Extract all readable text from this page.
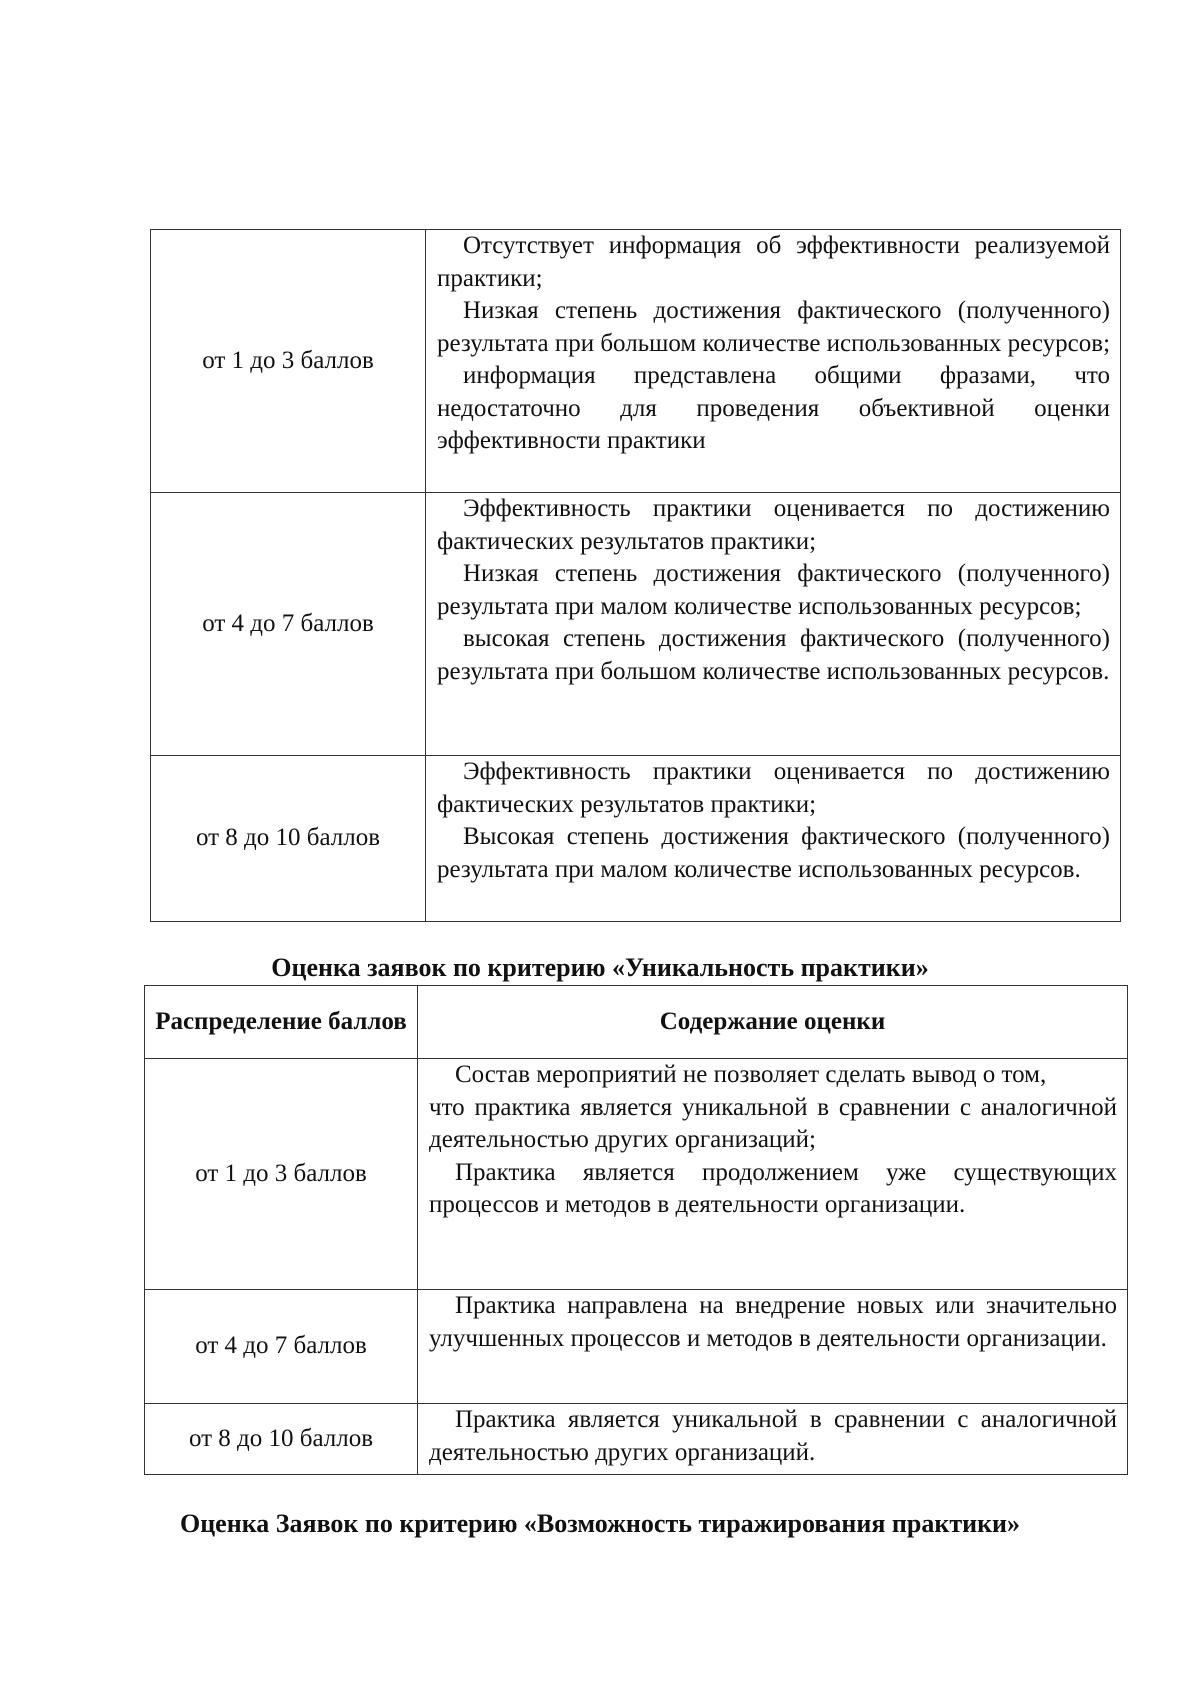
от 1 до 3 баллов	Отсутствует информация об эффективности реализуемой практики;

Низкая степень достижения фактического (полученного) результата при большом количестве использованных ресурсов;

информация представлена общими фразами, что недостаточно для проведения объективной оценки эффективности практики

от 4 до 7 баллов	Эффективность практики оценивается по достижению фактических результатов практики;

Низкая степень достижения фактического (полученного) результата при малом количестве использованных ресурсов;

высокая степень достижения фактического (полученного) результата при большом количестве использованных ресурсов.

от 8 до 10 баллов	Эффективность практики оценивается по достижению фактических результатов практики;

Высокая степень достижения фактического (полученного) результата при малом количестве использованных ресурсов.

Оценка заявок по критерию «Уникальность практики»
Распределение баллов	Содержание оценки
от 1 до 3 баллов	Состав мероприятий не позволяет сделать вывод о том,

что практика является уникальной в сравнении с аналогичной деятельностью других организаций;

Практика является продолжением уже существующих процессов и методов в деятельности организации.

от 4 до 7 баллов	Практика направлена на внедрение новых или значительно улучшенных процессов и методов в деятельности организации.

от 8 до 10 баллов	Практика является уникальной в сравнении с аналогичной деятельностью других организаций.

Оценка Заявок по критерию «Возможность тиражирования практики»
